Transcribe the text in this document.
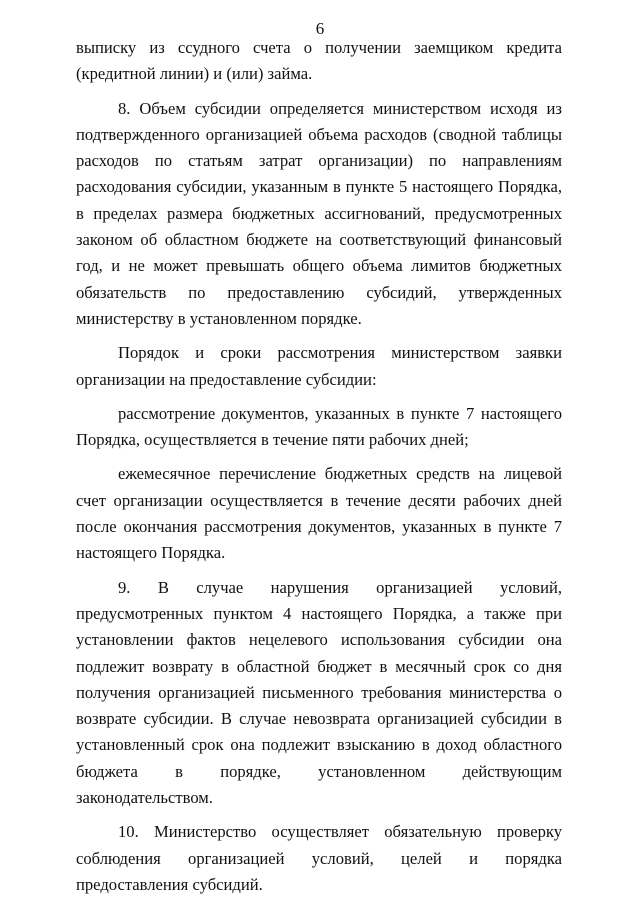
6

выписку из ссудного счета о получении заемщиком кредита (кредитной линии) и (или) займа.

8. Объем субсидии определяется министерством исходя из подтвержденного организацией объема расходов (сводной таблицы расходов по статьям затрат организации) по направлениям расходования субсидии, указанным в пункте 5 настоящего Порядка, в пределах размера бюджетных ассигнований, предусмотренных законом об областном бюджете на соответствующий финансовый год, и не может превышать общего объема лимитов бюджетных обязательств по предоставлению субсидий, утвержденных министерству в установленном порядке.

Порядок и сроки рассмотрения министерством заявки организации на предоставление субсидии:

рассмотрение документов, указанных в пункте 7 настоящего Порядка, осуществляется в течение пяти рабочих дней;

ежемесячное перечисление бюджетных средств на лицевой счет организации осуществляется в течение десяти рабочих дней после окончания рассмотрения документов, указанных в пункте 7 настоящего Порядка.

9. В случае нарушения организацией условий, предусмотренных пунктом 4 настоящего Порядка, а также при установлении фактов нецелевого использования субсидии она подлежит возврату в областной бюджет в месячный срок со дня получения организацией письменного требования министерства о возврате субсидии. В случае невозврата организацией субсидии в установленный срок она подлежит взысканию в доход областного бюджета в порядке, установленном действующим законодательством.

10. Министерство осуществляет обязательную проверку соблюдения организацией условий, целей и порядка предоставления субсидий.
